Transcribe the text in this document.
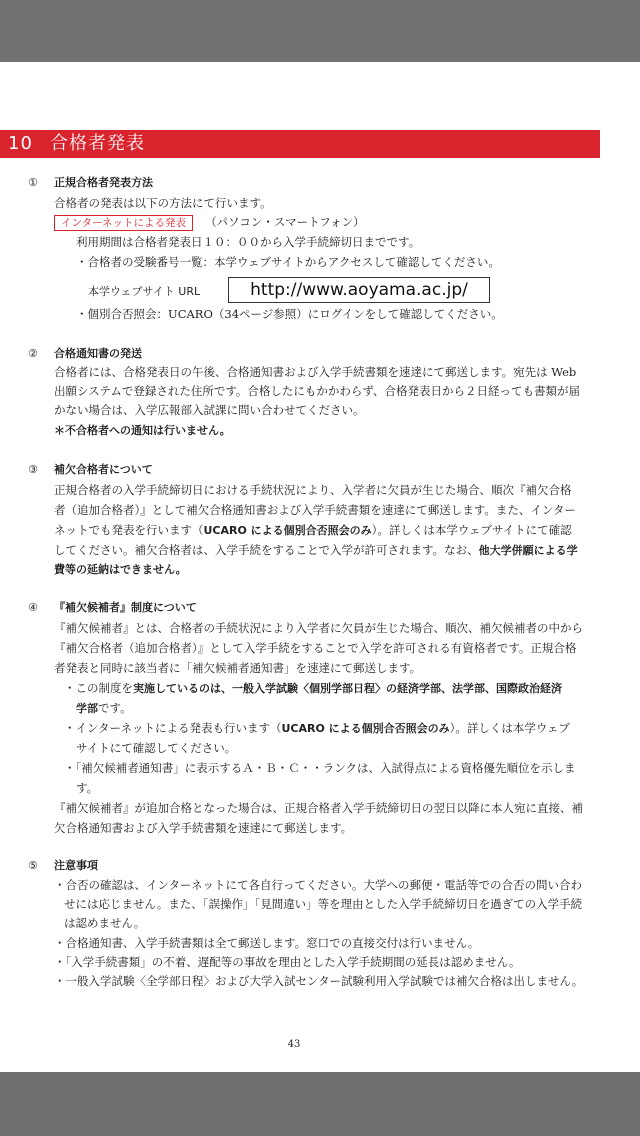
10 合格者発表
① 正規合格者発表方法
合格者の発表は以下の方法にて行います。
インターネットによる発表 （パソコン・スマートフォン）
利用期間は合格者発表日１０：００から入学手続締切日までです。
・合格者の受験番号一覧：本学ウェブサイトからアクセスして確認してください。
本学ウェブサイト URL	http://www.aoyama.ac.jp/
・個別合否照会：UCARO（34ページ参照）にログインをして確認してください。
② 合格通知書の発送
合格者には、合格発表日の午後、合格通知書および入学手続書類を速達にて郵送します。宛先は Web
出願システムで登録された住所です。合格したにもかかわらず、合格発表日から２日経っても書類が届
かない場合は、入学広報部入試課に問い合わせてください。
＊不合格者への通知は行いません。
③ 補欠合格者について
正規合格者の入学手続締切日における手続状況により、入学者に欠員が生じた場合、順次『補欠合格
者（追加合格者）』として補欠合格通知書および入学手続書類を速達にて郵送します。また、インター
ネットでも発表を行います（UCARO による個別合否照会のみ）。詳しくは本学ウェブサイトにて確認
してください。補欠合格者は、入学手続をすることで入学が許可されます。なお、他大学併願による学
費等の延納はできません。
④ 『補欠候補者』制度について
『補欠候補者』とは、合格者の手続状況により入学者に欠員が生じた場合、順次、補欠候補者の中から
『補欠合格者（追加合格者）』として入学手続をすることで入学を許可される有資格者です。正規合格
者発表と同時に該当者に「補欠候補者通知書」を速達にて郵送します。
・この制度を実施しているのは、一般入学試験〈個別学部日程〉の経済学部、法学部、国際政治経済
学部です。
・インターネットによる発表も行います（UCARO による個別合否照会のみ）。詳しくは本学ウェブ
サイトにて確認してください。
・「補欠候補者通知書」に表示するＡ・Ｂ・Ｃ・・ランクは、入試得点による資格優先順位を示しま
す。
『補欠候補者』が追加合格となった場合は、正規合格者入学手続締切日の翌日以降に本人宛に直接、補
欠合格通知書および入学手続書類を速達にて郵送します。
⑤ 注意事項
・合否の確認は、インターネットにて各自行ってください。大学への郵便・電話等での合否の問い合わ
せには応じません。また、「誤操作」「見間違い」等を理由とした入学手続締切日を過ぎての入学手続
は認めません。
・合格通知書、入学手続書類は全て郵送します。窓口での直接交付は行いません。
・「入学手続書類」の不着、遅配等の事故を理由とした入学手続期間の延長は認めません。
・一般入学試験〈全学部日程〉および大学入試センター試験利用入学試験では補欠合格は出しません。
43
